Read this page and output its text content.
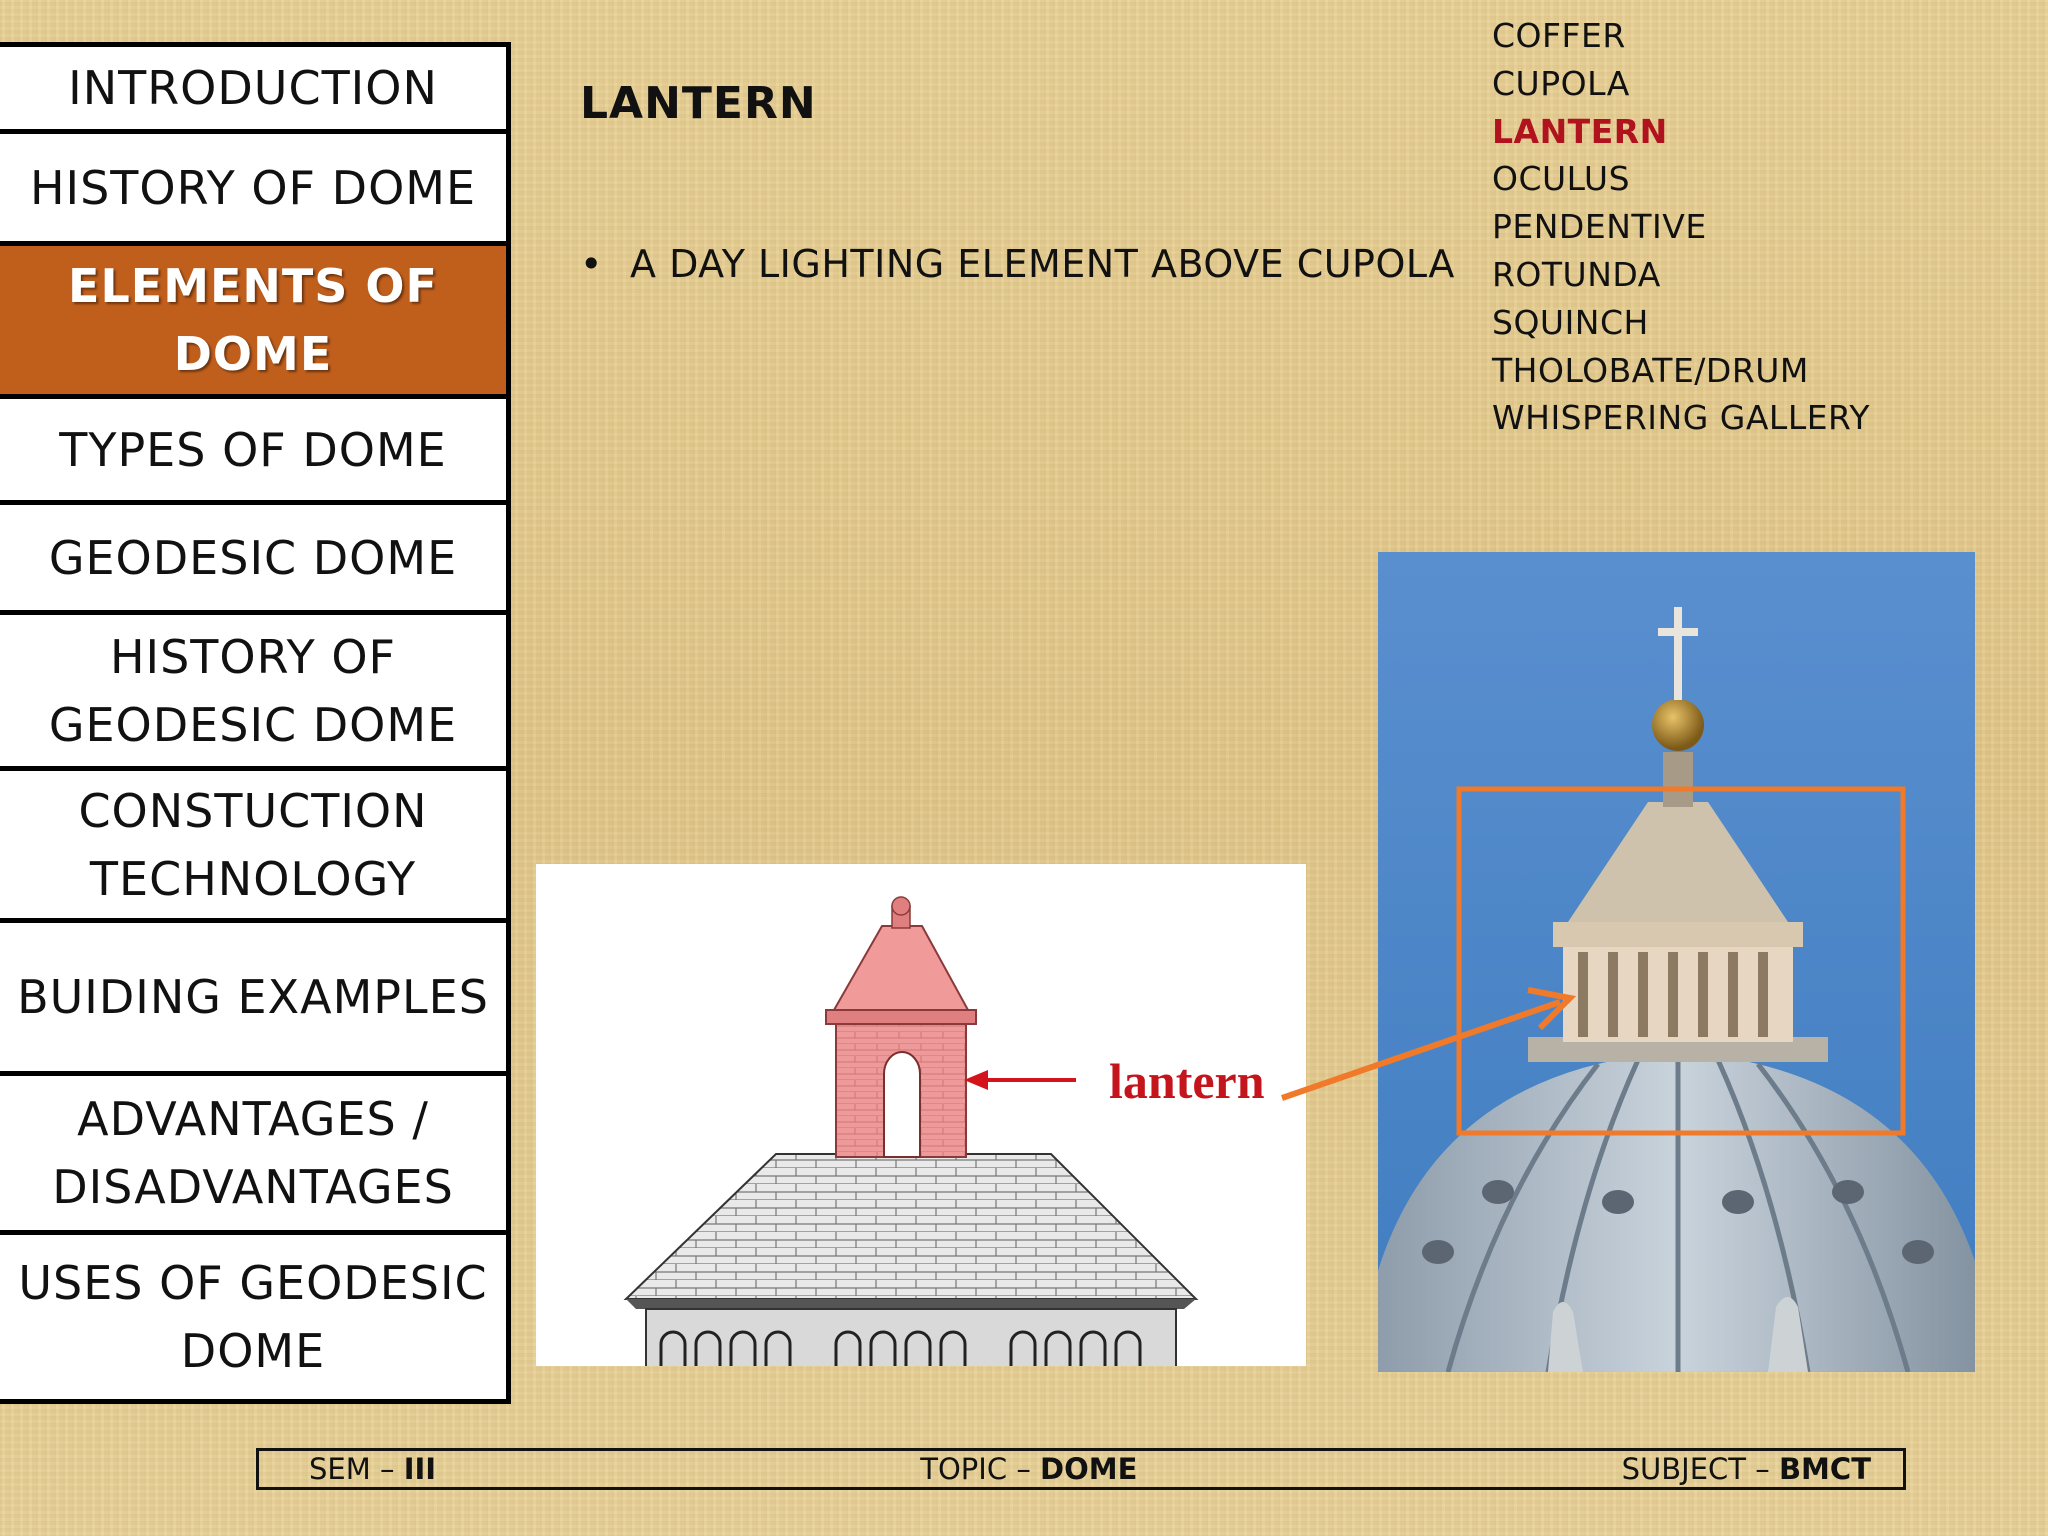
INTRODUCTION
HISTORY OF DOME
ELEMENTS OF DOME
TYPES OF DOME
GEODESIC DOME
HISTORY OF GEODESIC DOME
CONSTUCTION TECHNOLOGY
BUIDING EXAMPLES
ADVANTAGES / DISADVANTAGES
USES OF GEODESIC DOME
LANTERN
• A DAY LIGHTING ELEMENT ABOVE CUPOLA
COFFER
CUPOLA
LANTERN
OCULUS
PENDENTIVE
ROTUNDA
SQUINCH
THOLOBATE/DRUM
WHISPERING GALLERY
lantern
SEM – III	TOPIC – DOME	SUBJECT – BMCT
